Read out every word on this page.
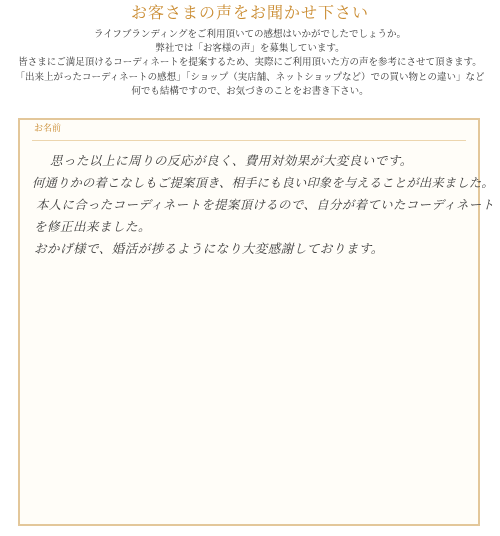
お客さまの声をお聞かせ下さい

ライフブランディングをご利用頂いての感想はいかがでしたでしょうか。

弊社では「お客様の声」を募集しています。

皆さまにご満足頂けるコーディネートを提案するため、実際にご利用頂いた方の声を参考にさせて頂きます。

「出来上がったコーディネートの感想」「ショップ（実店舗、ネットショップなど）での買い物との違い」など

何でも結構ですので、お気づきのことをお書き下さい。

お名前
思った以上に周りの反応が良く、費用対効果が大変良いです。
何通りかの着こなしもご提案頂き、相手にも良い印象を与えることが出来ました。
本人に合ったコーディネートを提案頂けるので、自分が着ていたコーディネート
を修正出来ました。
おかげ様で、婚活が捗るようになり大変感謝しております。
